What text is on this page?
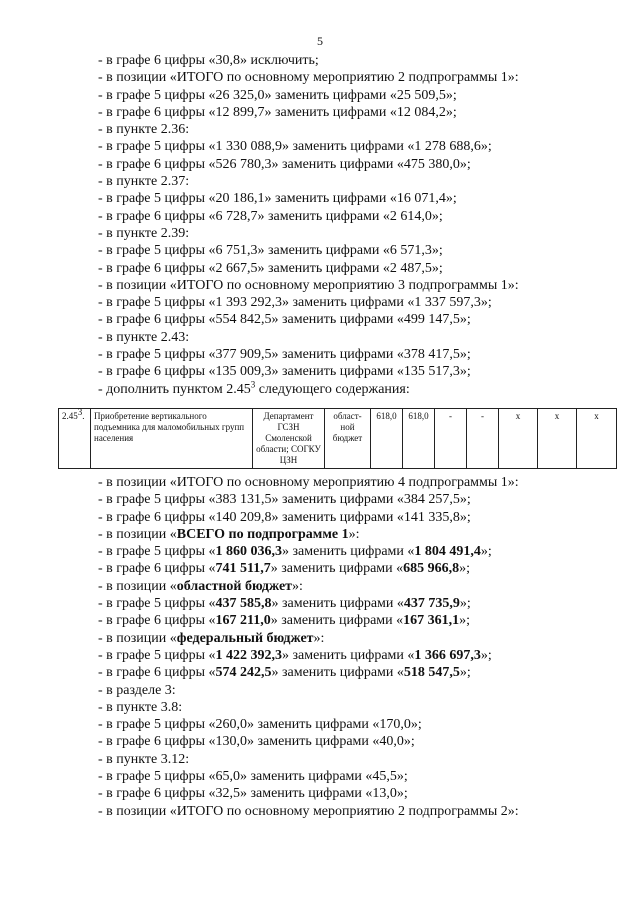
5
- в графе 6 цифры «30,8» исключить;
- в позиции «ИТОГО по основному мероприятию 2 подпрограммы 1»:
- в графе 5 цифры «26 325,0» заменить цифрами «25 509,5»;
- в графе 6 цифры «12 899,7» заменить цифрами «12 084,2»;
- в пункте 2.36:
- в графе 5 цифры «1 330 088,9» заменить цифрами «1 278 688,6»;
- в графе 6 цифры «526 780,3» заменить цифрами «475 380,0»;
- в пункте 2.37:
- в графе 5 цифры «20 186,1» заменить цифрами «16 071,4»;
- в графе 6 цифры «6 728,7» заменить цифрами «2 614,0»;
- в пункте 2.39:
- в графе 5 цифры «6 751,3» заменить цифрами «6 571,3»;
- в графе 6 цифры «2 667,5» заменить цифрами «2 487,5»;
- в позиции «ИТОГО по основному мероприятию 3 подпрограммы 1»:
- в графе 5 цифры «1 393 292,3» заменить цифрами «1 337 597,3»;
- в графе 6 цифры «554 842,5» заменить цифрами «499 147,5»;
- в пункте 2.43:
- в графе 5 цифры «377 909,5» заменить цифрами «378 417,5»;
- в графе 6 цифры «135 009,3» заменить цифрами «135 517,3»;
- дополнить пунктом 2.45$^3$ следующего содержания:
2.45$^3$.	Приобретение вертикального подъемника для маломобильных групп населения	Департамент ГСЗН Смоленской области; СОГКУ ЦЗН	област-ной бюджет	618,0	618,0	-	-	x	x	x
- в позиции «ИТОГО по основному мероприятию 4 подпрограммы 1»:
- в графе 5 цифры «383 131,5» заменить цифрами «384 257,5»;
- в графе 6 цифры «140 209,8» заменить цифрами «141 335,8»;
- в позиции «ВСЕГО по подпрограмме 1»:
- в графе 5 цифры «1 860 036,3» заменить цифрами «1 804 491,4»;
- в графе 6 цифры «741 511,7» заменить цифрами «685 966,8»;
- в позиции «областной бюджет»:
- в графе 5 цифры «437 585,8» заменить цифрами «437 735,9»;
- в графе 6 цифры «167 211,0» заменить цифрами «167 361,1»;
- в позиции «федеральный бюджет»:
- в графе 5 цифры «1 422 392,3» заменить цифрами «1 366 697,3»;
- в графе 6 цифры «574 242,5» заменить цифрами «518 547,5»;
- в разделе 3:
- в пункте 3.8:
- в графе 5 цифры «260,0» заменить цифрами «170,0»;
- в графе 6 цифры «130,0» заменить цифрами «40,0»;
- в пункте 3.12:
- в графе 5 цифры «65,0» заменить цифрами «45,5»;
- в графе 6 цифры «32,5» заменить цифрами «13,0»;
- в позиции «ИТОГО по основному мероприятию 2 подпрограммы 2»:
